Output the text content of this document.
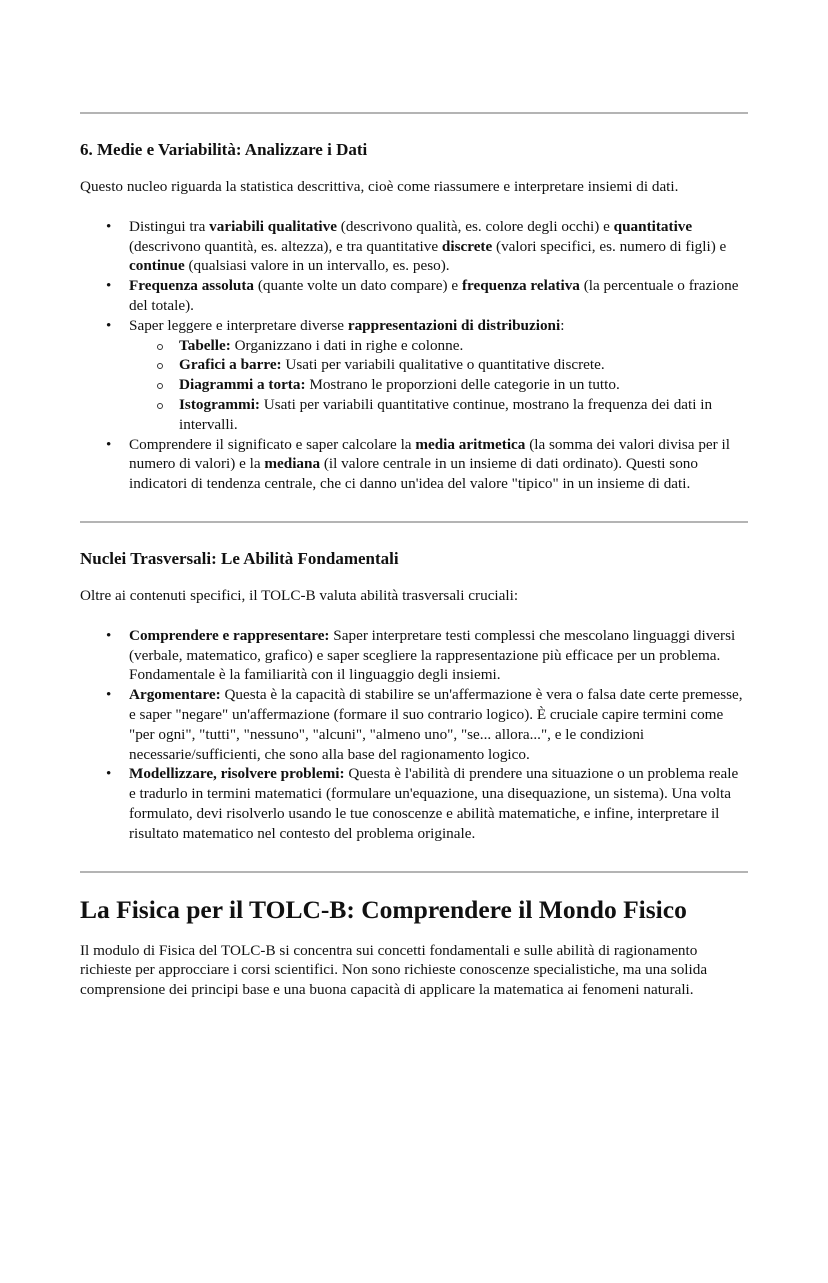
6. Medie e Variabilità: Analizzare i Dati

Questo nucleo riguarda la statistica descrittiva, cioè come riassumere e interpretare insiemi di dati.

• Distingui tra variabili qualitative (descrivono qualità, es. colore degli occhi) e quantitative (descrivono quantità, es. altezza), e tra quantitative discrete (valori specifici, es. numero di figli) e continue (qualsiasi valore in un intervallo, es. peso).
• Frequenza assoluta (quante volte un dato compare) e frequenza relativa (la percentuale o frazione del totale).
• Saper leggere e interpretare diverse rappresentazioni di distribuzioni:
Tabelle: Organizzano i dati in righe e colonne.
Grafici a barre: Usati per variabili qualitative o quantitative discrete.
Diagrammi a torta: Mostrano le proporzioni delle categorie in un tutto.
Istogrammi: Usati per variabili quantitative continue, mostrano la frequenza dei dati in intervalli.
• Comprendere il significato e saper calcolare la media aritmetica (la somma dei valori divisa per il numero di valori) e la mediana (il valore centrale in un insieme di dati ordinato). Questi sono indicatori di tendenza centrale, che ci danno un'idea del valore "tipico" in un insieme di dati.
Nuclei Trasversali: Le Abilità Fondamentali

Oltre ai contenuti specifici, il TOLC-B valuta abilità trasversali cruciali:

• Comprendere e rappresentare: Saper interpretare testi complessi che mescolano linguaggi diversi (verbale, matematico, grafico) e saper scegliere la rappresentazione più efficace per un problema. Fondamentale è la familiarità con il linguaggio degli insiemi.
• Argomentare: Questa è la capacità di stabilire se un'affermazione è vera o falsa date certe premesse, e saper "negare" un'affermazione (formare il suo contrario logico). È cruciale capire termini come "per ogni", "tutti", "nessuno", "alcuni", "almeno uno", "se... allora...", e le condizioni necessarie/sufficienti, che sono alla base del ragionamento logico.
• Modellizzare, risolvere problemi: Questa è l'abilità di prendere una situazione o un problema reale e tradurlo in termini matematici (formulare un'equazione, una disequazione, un sistema). Una volta formulato, devi risolverlo usando le tue conoscenze e abilità matematiche, e infine, interpretare il risultato matematico nel contesto del problema originale.
La Fisica per il TOLC-B: Comprendere il Mondo Fisico

Il modulo di Fisica del TOLC-B si concentra sui concetti fondamentali e sulle abilità di ragionamento richieste per approcciare i corsi scientifici. Non sono richieste conoscenze specialistiche, ma una solida comprensione dei principi base e una buona capacità di applicare la matematica ai fenomeni naturali.
